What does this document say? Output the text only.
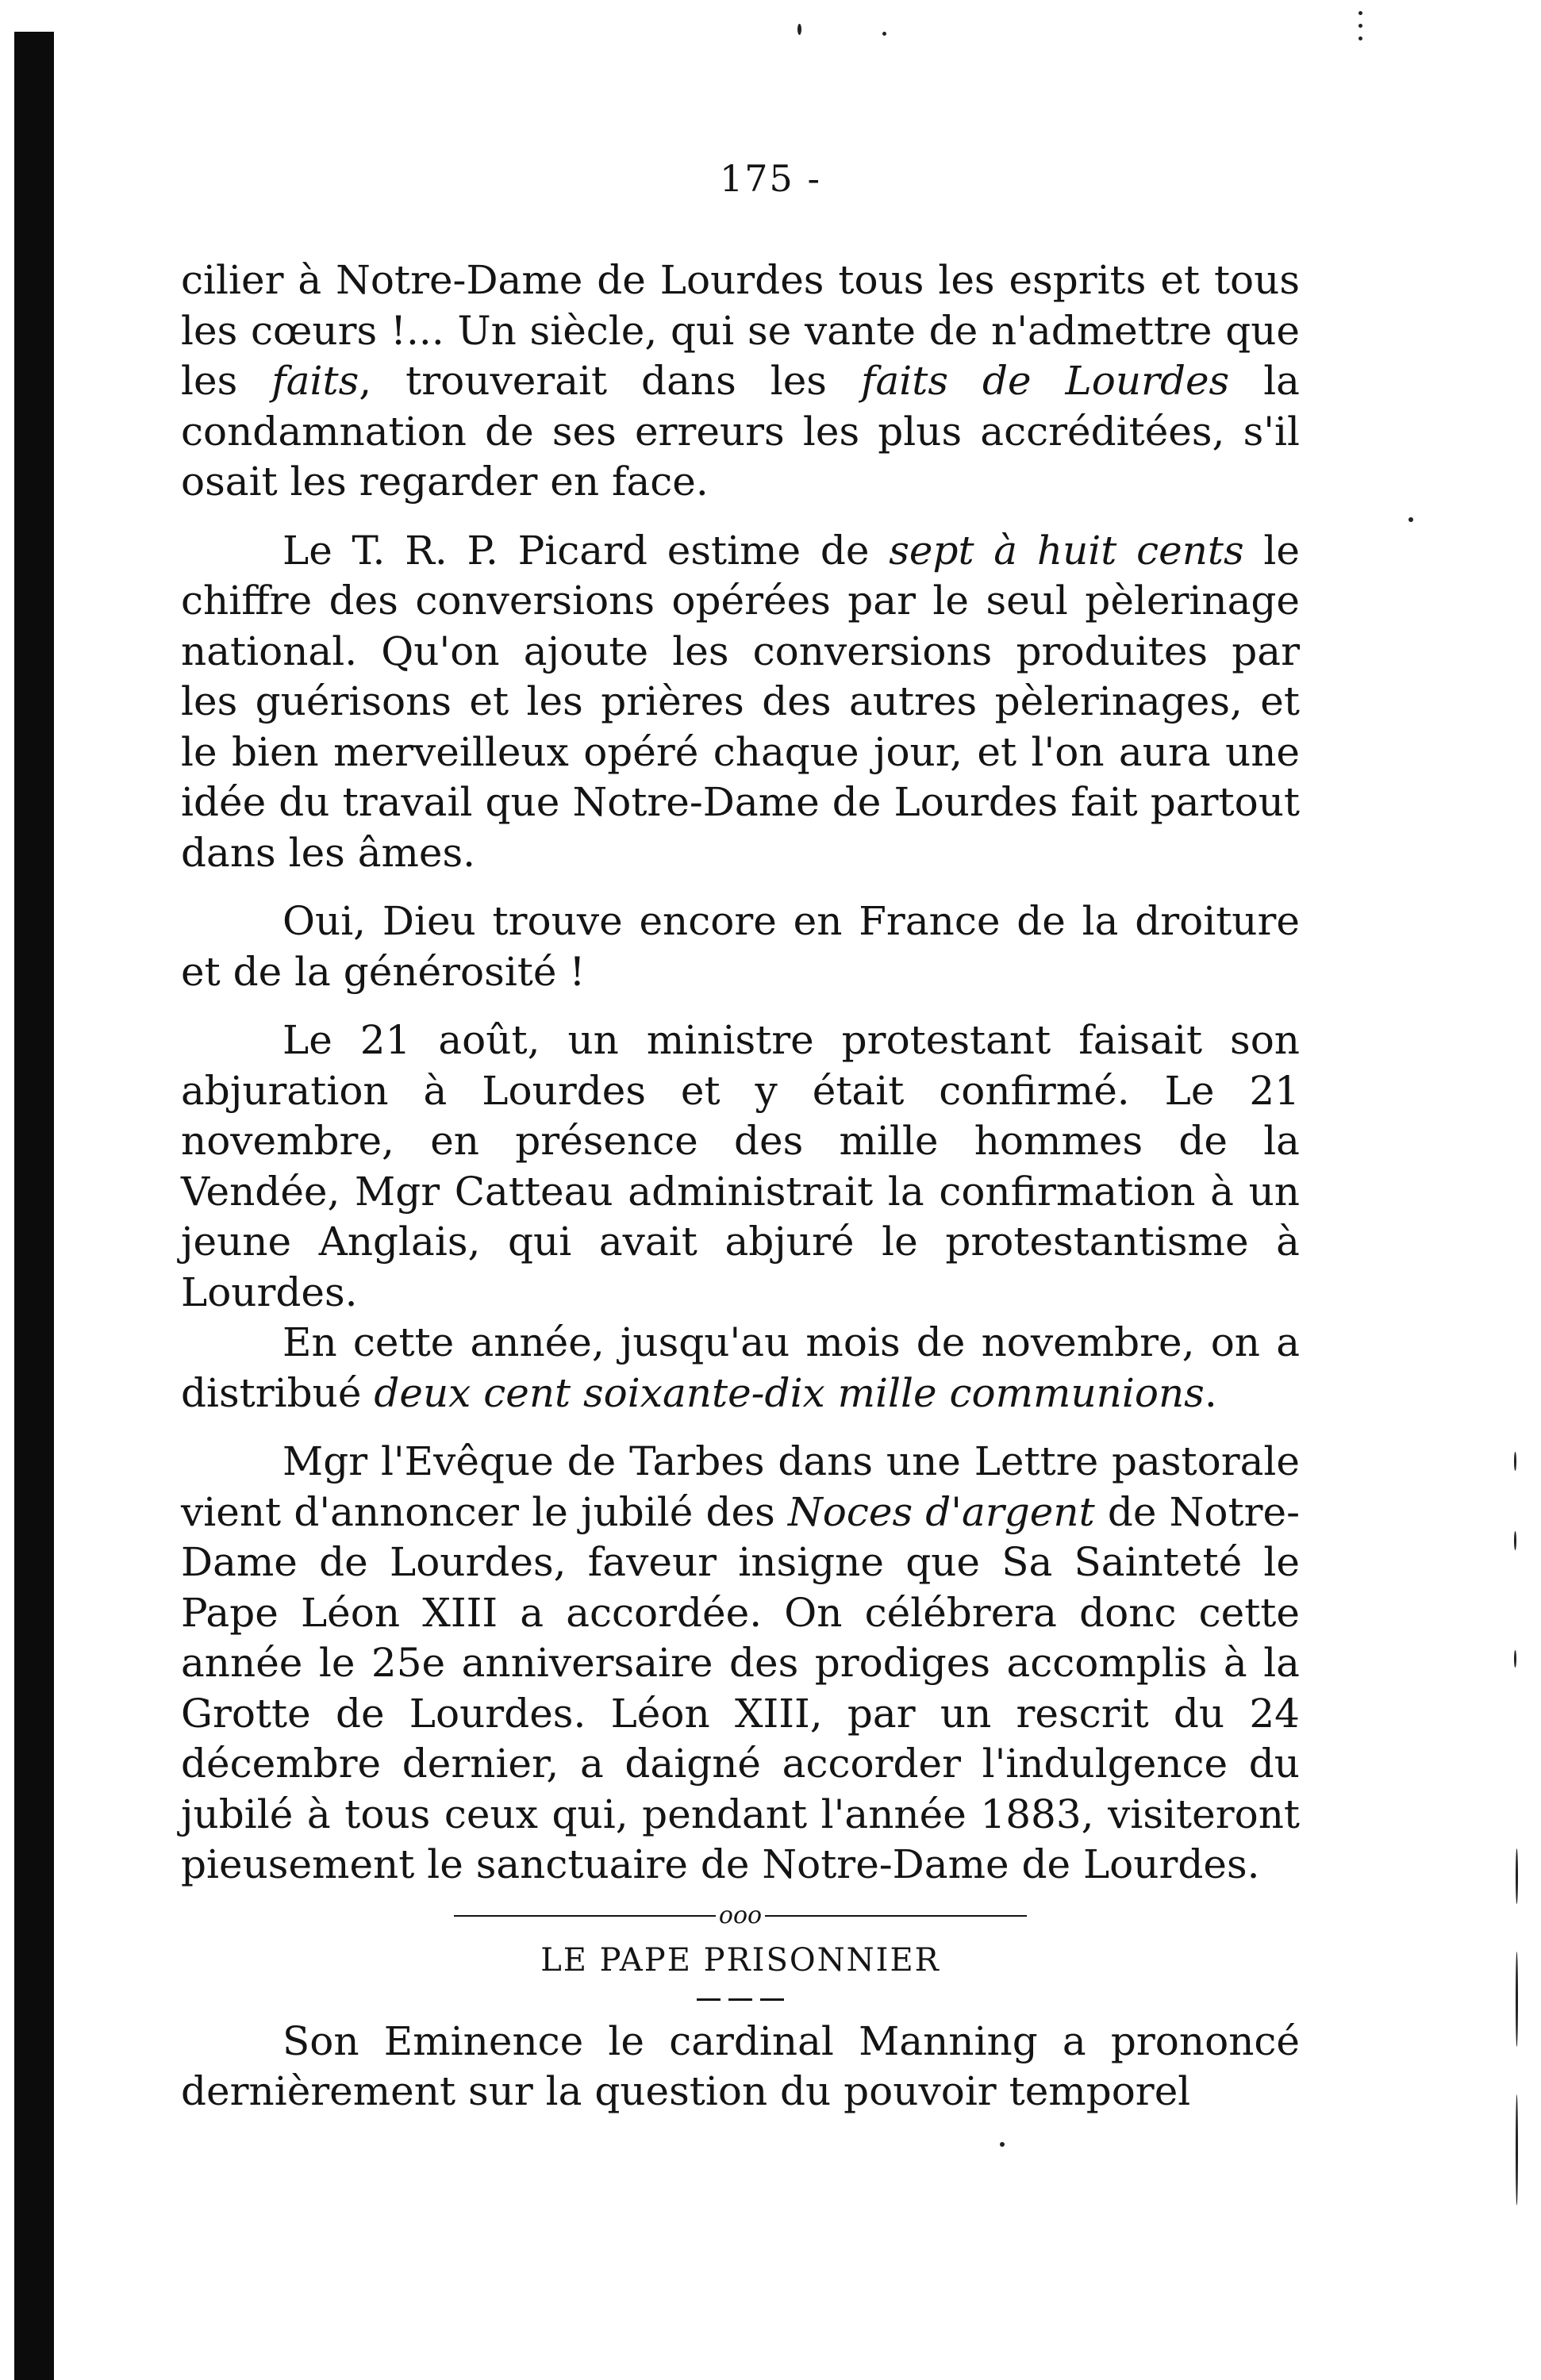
175 -

cilier à Notre-Dame de Lourdes tous les esprits et tous les cœurs !... Un siècle, qui se vante de n'admettre que les faits, trouverait dans les faits de Lourdes la condamnation de ses erreurs les plus accréditées, s'il osait les regarder en face.

Le T. R. P. Picard estime de sept à huit cents le chiffre des conversions opérées par le seul pèlerinage national. Qu'on ajoute les conversions produites par les guérisons et les prières des autres pèlerinages, et le bien merveilleux opéré chaque jour, et l'on aura une idée du travail que Notre-Dame de Lourdes fait partout dans les âmes.

Oui, Dieu trouve encore en France de la droiture et de la générosité !

Le 21 août, un ministre protestant faisait son abjuration à Lourdes et y était confirmé. Le 21 novembre, en présence des mille hommes de la Vendée, Mgr Catteau administrait la confirmation à un jeune Anglais, qui avait abjuré le protestantisme à Lourdes.

En cette année, jusqu'au mois de novembre, on a distribué deux cent soixante-dix mille communions.

Mgr l'Evêque de Tarbes dans une Lettre pastorale vient d'annoncer le jubilé des Noces d'argent de Notre-Dame de Lourdes, faveur insigne que Sa Sainteté le Pape Léon XIII a accordée. On célébrera donc cette année le 25e anniversaire des prodiges accomplis à la Grotte de Lourdes. Léon XIII, par un rescrit du 24 décembre dernier, a daigné accorder l'indulgence du jubilé à tous ceux qui, pendant l'année 1883, visiteront pieusement le sanctuaire de Notre-Dame de Lourdes.

ooo
LE PAPE PRISONNIER

Son Eminence le cardinal Manning a prononcé dernièrement sur la question du pouvoir temporel
